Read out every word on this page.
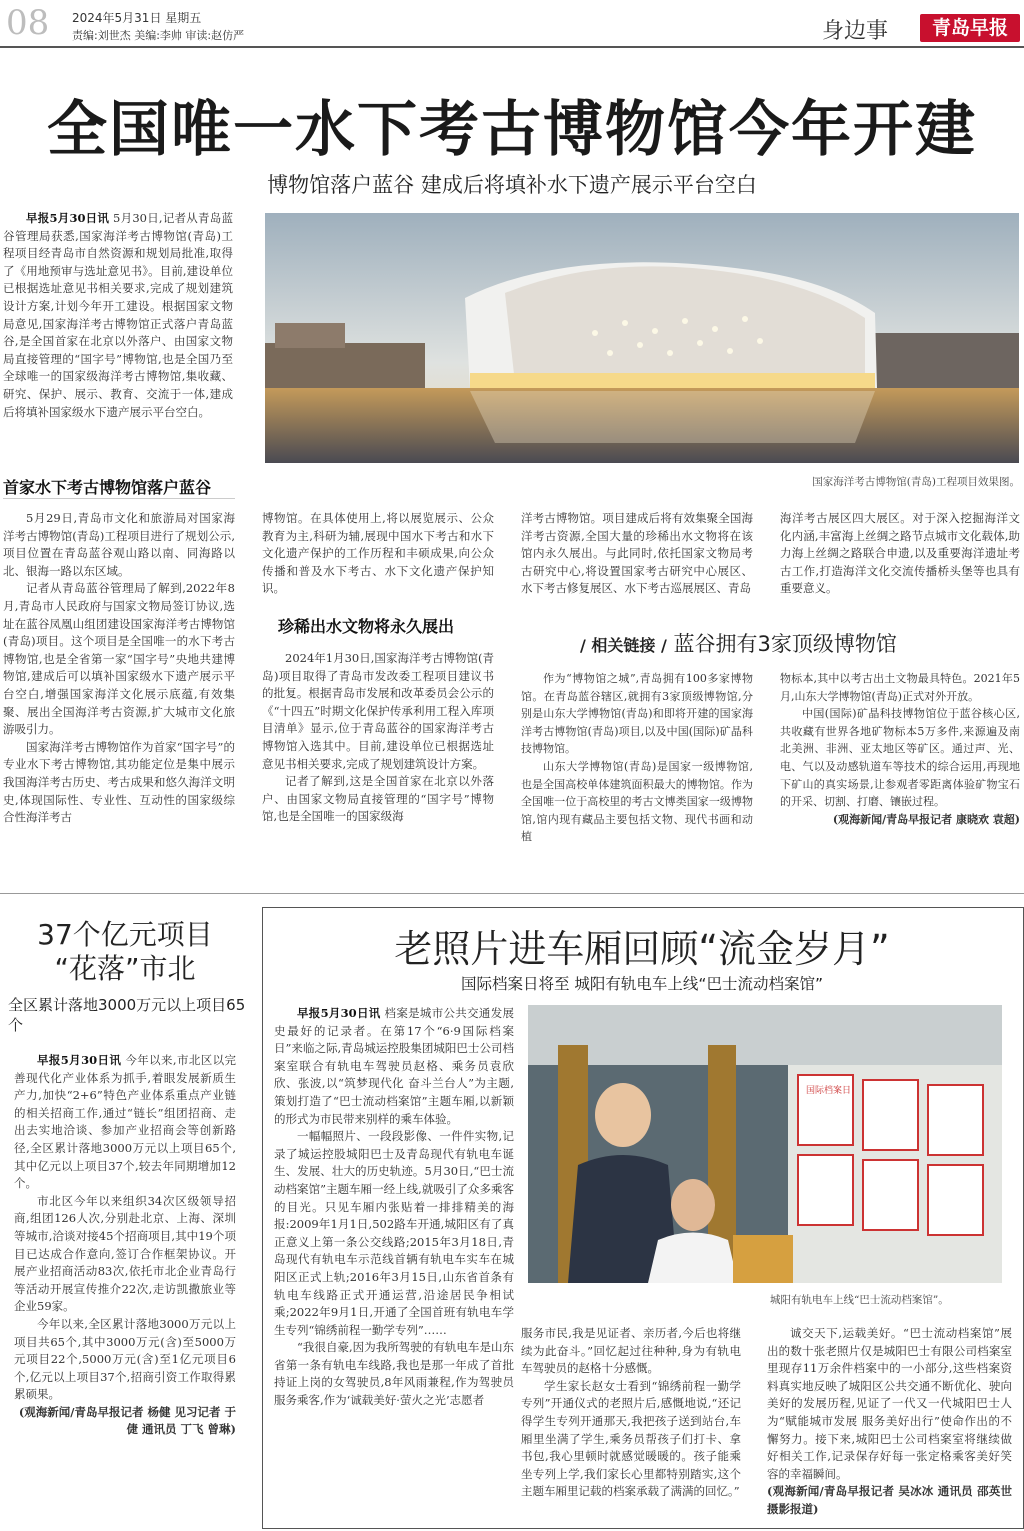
08 2024年5月31日 星期五
责编:刘世杰 美编:李帅 审读:赵仿严	身边事	青岛早报
全国唯一水下考古博物馆今年开建
博物馆落户蓝谷 建成后将填补水下遗产展示平台空白

早报5月30日讯 5月30日,记者从青岛蓝谷管理局获悉,国家海洋考古博物馆(青岛)工程项目经青岛市自然资源和规划局批准,取得了《用地预审与选址意见书》。目前,建设单位已根据选址意见书相关要求,完成了规划建筑设计方案,计划今年开工建设。根据国家文物局意见,国家海洋考古博物馆正式落户青岛蓝谷,是全国首家在北京以外落户、由国家文物局直接管理的“国字号”博物馆,也是全国乃至全球唯一的国家级海洋考古博物馆,集收藏、研究、保护、展示、教育、交流于一体,建成后将填补国家级水下遗产展示平台空白。

国家海洋考古博物馆(青岛)工程项目效果图。
首家水下考古博物馆落户蓝谷

5月29日,青岛市文化和旅游局对国家海洋考古博物馆(青岛)工程项目进行了规划公示,项目位置在青岛蓝谷观山路以南、同海路以北、银海一路以东区域。

记者从青岛蓝谷管理局了解到,2022年8月,青岛市人民政府与国家文物局签订协议,选址在蓝谷凤凰山组团建设国家海洋考古博物馆(青岛)项目。这个项目是全国唯一的水下考古博物馆,也是全省第一家“国字号”央地共建博物馆,建成后可以填补国家级水下遗产展示平台空白,增强国家海洋文化展示底蕴,有效集聚、展出全国海洋考古资源,扩大城市文化旅游吸引力。

国家海洋考古博物馆作为首家“国字号”的专业水下考古博物馆,其功能定位是集中展示我国海洋考古历史、考古成果和悠久海洋文明史,体现国际性、专业性、互动性的国家级综合性海洋考古

博物馆。在具体使用上,将以展览展示、公众教育为主,科研为辅,展现中国水下考古和水下文化遗产保护的工作历程和丰硕成果,向公众传播和普及水下考古、水下文化遗产保护知识。

珍稀出水文物将永久展出

2024年1月30日,国家海洋考古博物馆(青岛)项目取得了青岛市发改委工程项目建议书的批复。根据青岛市发展和改革委员会公示的《“十四五”时期文化保护传承利用工程入库项目清单》显示,位于青岛蓝谷的国家海洋考古博物馆入选其中。目前,建设单位已根据选址意见书相关要求,完成了规划建筑设计方案。

记者了解到,这是全国首家在北京以外落户、由国家文物局直接管理的“国字号”博物馆,也是全国唯一的国家级海

洋考古博物馆。项目建成后将有效集聚全国海洋考古资源,全国大量的珍稀出水文物将在该馆内永久展出。与此同时,依托国家文物局考古研究中心,将设置国家考古研究中心展区、水下考古修复展区、水下考古巡展展区、青岛

海洋考古展区四大展区。对于深入挖掘海洋文化内涵,丰富海上丝绸之路节点城市文化载体,助力海上丝绸之路联合申遗,以及重要海洋遗址考古工作,打造海洋文化交流传播桥头堡等也具有重要意义。

/ 相关链接 / 蓝谷拥有3家顶级博物馆

作为“博物馆之城”,青岛拥有100多家博物馆。在青岛蓝谷辖区,就拥有3家顶级博物馆,分别是山东大学博物馆(青岛)和即将开建的国家海洋考古博物馆(青岛)项目,以及中国(国际)矿晶科技博物馆。

山东大学博物馆(青岛)是国家一级博物馆,也是全国高校单体建筑面积最大的博物馆。作为全国唯一位于高校里的考古文博类国家一级博物馆,馆内现有藏品主要包括文物、现代书画和动植

物标本,其中以考古出土文物最具特色。2021年5月,山东大学博物馆(青岛)正式对外开放。

中国(国际)矿晶科技博物馆位于蓝谷核心区,共收藏有世界各地矿物标本5万多件,来源遍及南北美洲、非洲、亚太地区等矿区。通过声、光、电、气以及动感轨道车等技术的综合运用,再现地下矿山的真实场景,让参观者零距离体验矿物宝石的开采、切割、打磨、镶嵌过程。

(观海新闻/青岛早报记者 康晓欢 袁超)

37个亿元项目
“花落”市北
全区累计落地3000万元以上项目65个

早报5月30日讯 今年以来,市北区以完善现代化产业体系为抓手,着眼发展新质生产力,加快“2+6”特色产业体系重点产业链的相关招商工作,通过“链长”组团招商、走出去实地洽谈、参加产业招商会等创新路径,全区累计落地3000万元以上项目65个,其中亿元以上项目37个,较去年同期增加12个。

市北区今年以来组织34次区级领导招商,组团126人次,分别赴北京、上海、深圳等城市,洽谈对接45个招商项目,其中19个项目已达成合作意向,签订合作框架协议。开展产业招商活动83次,依托市北企业青岛行等活动开展宣传推介22次,走访凯撒旅业等企业59家。

今年以来,全区累计落地3000万元以上项目共65个,其中3000万元(含)至5000万元项目22个,5000万元(含)至1亿元项目6个,亿元以上项目37个,招商引资工作取得累累硕果。

(观海新闻/青岛早报记者 杨健 见习记者 于倢 通讯员 丁飞 曾琳)

老照片进车厢回顾“流金岁月”
国际档案日将至 城阳有轨电车上线“巴士流动档案馆”

早报5月30日讯 档案是城市公共交通发展史最好的记录者。在第17个“6·9国际档案日”来临之际,青岛城运控股集团城阳巴士公司档案室联合有轨电车驾驶员赵格、乘务员袁欣欣、张波,以“筑梦现代化 奋斗兰台人”为主题,策划打造了“巴士流动档案馆”主题车厢,以新颖的形式为市民带来别样的乘车体验。

一幅幅照片、一段段影像、一件件实物,记录了城运控股城阳巴士及青岛现代有轨电车诞生、发展、壮大的历史轨迹。5月30日,“巴士流动档案馆”主题车厢一经上线,就吸引了众多乘客的目光。只见车厢内张贴着一排排精美的海报:2009年1月1日,502路车开通,城阳区有了真正意义上第一条公交线路;2015年3月18日,青岛现代有轨电车示范线首辆有轨电车实车在城阳区正式上轨;2016年3月15日,山东省首条有轨电车线路正式开通运营,沿途居民争相试乘;2022年9月1日,开通了全国首班有轨电车学生专列“锦绣前程一勤学专列”……

“我很自豪,因为我所驾驶的有轨电车是山东省第一条有轨电车线路,我也是那一年成了首批持证上岗的女驾驶员,8年风雨兼程,作为驾驶员服务乘客,作为‘诚载美好·萤火之光’志愿者

国际档案日
城阳有轨电车上线“巴士流动档案馆”。

服务市民,我是见证者、亲历者,今后也将继续为此奋斗。”回忆起过往种种,身为有轨电车驾驶员的赵格十分感慨。

学生家长赵女士看到“锦绣前程一勤学专列”开通仪式的老照片后,感慨地说,“还记得学生专列开通那天,我把孩子送到站台,车厢里坐满了学生,乘务员帮孩子们打卡、拿书包,我心里顿时就感觉暖暖的。孩子能乘坐专列上学,我们家长心里都特别踏实,这个主题车厢里记载的档案承载了满满的回忆。”

诚交天下,运载美好。“巴士流动档案馆”展出的数十张老照片仅是城阳巴士有限公司档案室里现存11万余件档案中的一小部分,这些档案资料真实地反映了城阳区公共交通不断优化、驶向美好的发展历程,见证了一代又一代城阳巴士人为“赋能城市发展 服务美好出行”使命作出的不懈努力。接下来,城阳巴士公司档案室将继续做好相关工作,记录保存好每一张定格乘客美好笑容的幸福瞬间。

(观海新闻/青岛早报记者 吴冰冰 通讯员 邵英世 摄影报道)
